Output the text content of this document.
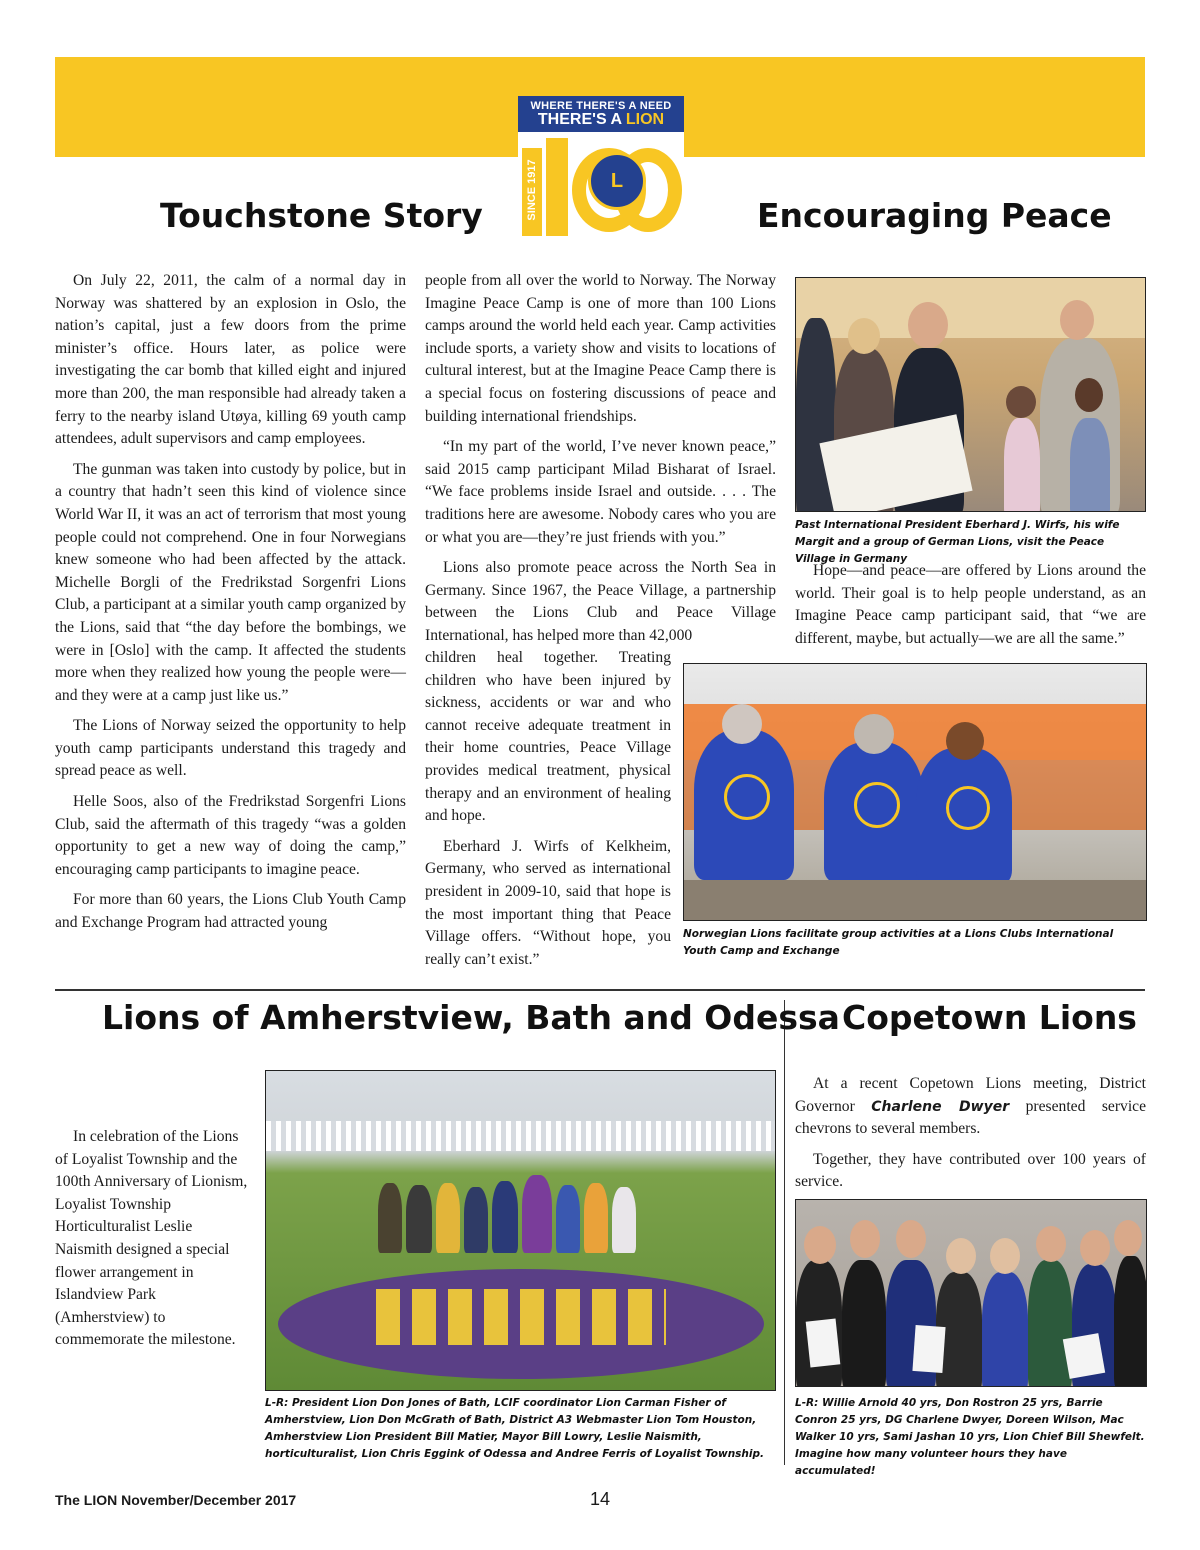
WHERE THERE'S A NEED
THERE'S A LION
SINCE 1917	L
Touchstone Story	Encouraging Peace

On July 22, 2011, the calm of a normal day in Norway was shattered by an explosion in Oslo, the nation’s capital, just a few doors from the prime minister’s office. Hours later, as police were investigating the car bomb that killed eight and injured more than 200, the man responsible had already taken a ferry to the nearby island Utøya, killing 69 youth camp attendees, adult supervisors and camp employees.

The gunman was taken into custody by police, but in a country that hadn’t seen this kind of violence since World War II, it was an act of terrorism that most young people could not comprehend. One in four Norwegians knew someone who had been affected by the attack. Michelle Borgli of the Fredrikstad Sorgenfri Lions Club, a participant at a similar youth camp organized by the Lions, said that “the day before the bombings, we were in [Oslo] with the camp. It affected the students more when they realized how young the people were—and they were at a camp just like us.”

The Lions of Norway seized the opportunity to help youth camp participants understand this tragedy and spread peace as well.

Helle Soos, also of the Fredrikstad Sorgenfri Lions Club, said the aftermath of this tragedy “was a golden opportunity to get a new way of doing the camp,” encouraging camp participants to imagine peace.

For more than 60 years, the Lions Club Youth Camp and Exchange Program had attracted young

people from all over the world to Norway. The Norway Imagine Peace Camp is one of more than 100 Lions camps around the world held each year. Camp activities include sports, a variety show and visits to locations of cultural interest, but at the Imagine Peace Camp there is a special focus on fostering discussions of peace and building international friendships.

“In my part of the world, I’ve never known peace,” said 2015 camp participant Milad Bisharat of Israel. “We face problems inside Israel and outside. . . . The traditions here are awesome. Nobody cares who you are or what you are—they’re just friends with you.”

Lions also promote peace across the North Sea in Germany. Since 1967, the Peace Village, a partnership between the Lions Club and Peace Village International, has helped more than 42,000

children heal together. Treating children who have been injured by sickness, accidents or war and who cannot receive adequate treatment in their home countries, Peace Village provides medical treatment, physical therapy and an environment of healing and hope.

Eberhard J. Wirfs of Kelkheim, Germany, who served as international president in 2009-10, said that hope is the most important thing that Peace Village offers. “Without hope, you really can’t exist.”

Past International President Eberhard J. Wirfs, his wife Margit and a group of German Lions, visit the Peace Village in Germany

Hope—and peace—are offered by Lions around the world. Their goal is to help people understand, as an Imagine Peace camp participant said, that “we are different, maybe, but actually—we are all the same.”

Norwegian Lions facilitate group activities at a Lions Clubs International Youth Camp and Exchange
Lions of Amherstview, Bath and Odessa

In celebration of the Lions of Loyalist Township and the 100th Anniversary of Lionism, Loyalist Township Horticulturalist Leslie Naismith designed a special flower arrangement in Islandview Park (Amherstview) to commemorate the milestone.

L-R: President Lion Don Jones of Bath, LCIF coordinator Lion Carman Fisher of Amherstview, Lion Don McGrath of Bath, District A3 Webmaster Lion Tom Houston, Amherstview Lion President Bill Matier, Mayor Bill Lowry, Leslie Naismith, horticulturalist, Lion Chris Eggink of Odessa and Andree Ferris of Loyalist Township.
Copetown Lions

At a recent Copetown Lions meeting, District Governor Charlene Dwyer presented service chevrons to several members.

Together, they have contributed over 100 years of service.

L-R: Willie Arnold 40 yrs, Don Rostron 25 yrs, Barrie Conron 25 yrs, DG Charlene Dwyer, Doreen Wilson, Mac Walker 10 yrs, Sami Jashan 10 yrs, Lion Chief Bill Shewfelt. Imagine how many volunteer hours they have accumulated!
The LION November/December 2017	14
